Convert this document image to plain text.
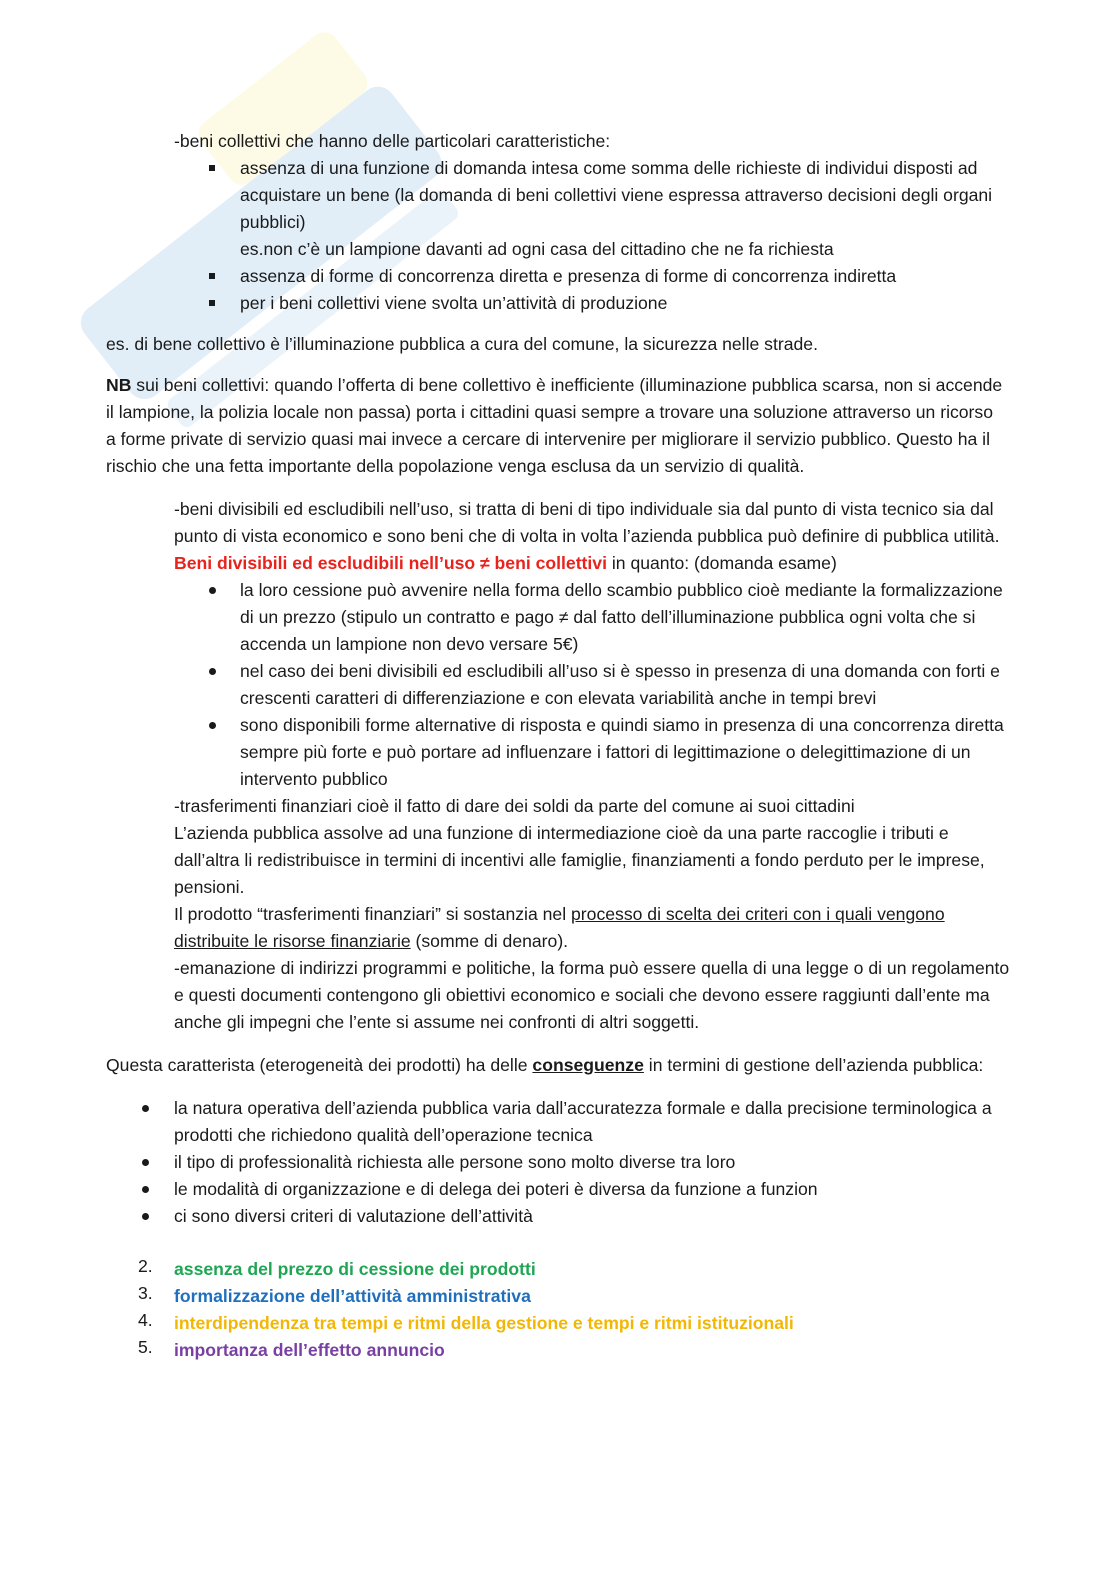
-beni collettivi che hanno delle particolari caratteristiche:

assenza di una funzione di domanda intesa come somma delle richieste di individui disposti ad acquistare un bene (la domanda di beni collettivi viene espressa attraverso decisioni degli organi pubblici)

es.non c’è un lampione davanti ad ogni casa del cittadino che ne fa richiesta

assenza di forme di concorrenza diretta e presenza di forme di concorrenza indiretta

per i beni collettivi viene svolta un’attività di produzione

es. di bene collettivo è l’illuminazione pubblica a cura del comune, la sicurezza nelle strade.

NB sui beni collettivi: quando l’offerta di bene collettivo è inefficiente (illuminazione pubblica scarsa, non si accende il lampione, la polizia locale non passa) porta i cittadini quasi sempre a trovare una soluzione attraverso un ricorso a forme private di servizio quasi mai invece a cercare di intervenire per migliorare il servizio pubblico. Questo ha il rischio che una fetta importante della popolazione venga esclusa da un servizio di qualità.

-beni divisibili ed escludibili nell’uso, si tratta di beni di tipo individuale sia dal punto di vista tecnico sia dal punto di vista economico e sono beni che di volta in volta l’azienda pubblica può definire di pubblica utilità.

Beni divisibili ed escludibili nell’uso ≠ beni collettivi in quanto: (domanda esame)

la loro cessione può avvenire nella forma dello scambio pubblico cioè mediante la formalizzazione di un prezzo (stipulo un contratto e pago ≠ dal fatto dell’illuminazione pubblica ogni volta che si accenda un lampione non devo versare 5€)

nel caso dei beni divisibili ed escludibili all’uso si è spesso in presenza di una domanda con forti e crescenti caratteri di differenziazione e con elevata variabilità anche in tempi brevi

sono disponibili forme alternative di risposta e quindi siamo in presenza di una concorrenza diretta sempre più forte e può portare ad influenzare i fattori di legittimazione o delegittimazione di un intervento pubblico

-trasferimenti finanziari cioè il fatto di dare dei soldi da parte del comune ai suoi cittadini

L’azienda pubblica assolve ad una funzione di intermediazione cioè da una parte raccoglie i tributi e dall’altra li redistribuisce in termini di incentivi alle famiglie, finanziamenti a fondo perduto per le imprese, pensioni.

Il prodotto “trasferimenti finanziari” si sostanzia nel processo di scelta dei criteri con i quali vengono distribuite le risorse finanziarie (somme di denaro).

-emanazione di indirizzi programmi e politiche, la forma può essere quella di una legge o di un regolamento e questi documenti contengono gli obiettivi economico e sociali che devono essere raggiunti dall’ente ma anche gli impegni che l’ente si assume nei confronti di altri soggetti.

Questa caratterista (eterogeneità dei prodotti) ha delle conseguenze in termini di gestione dell’azienda pubblica:

la natura operativa dell’azienda pubblica varia dall’accuratezza formale e dalla precisione terminologica a prodotti che richiedono qualità dell’operazione tecnica

il tipo di professionalità richiesta alle persone sono molto diverse tra loro

le modalità di organizzazione e di delega dei poteri è diversa da funzione a funzion

ci sono diversi criteri di valutazione dell’attività

2. assenza del prezzo di cessione dei prodotti

3. formalizzazione dell’attività amministrativa

4. interdipendenza tra tempi e ritmi della gestione e tempi e ritmi istituzionali

5. importanza dell’effetto annuncio
